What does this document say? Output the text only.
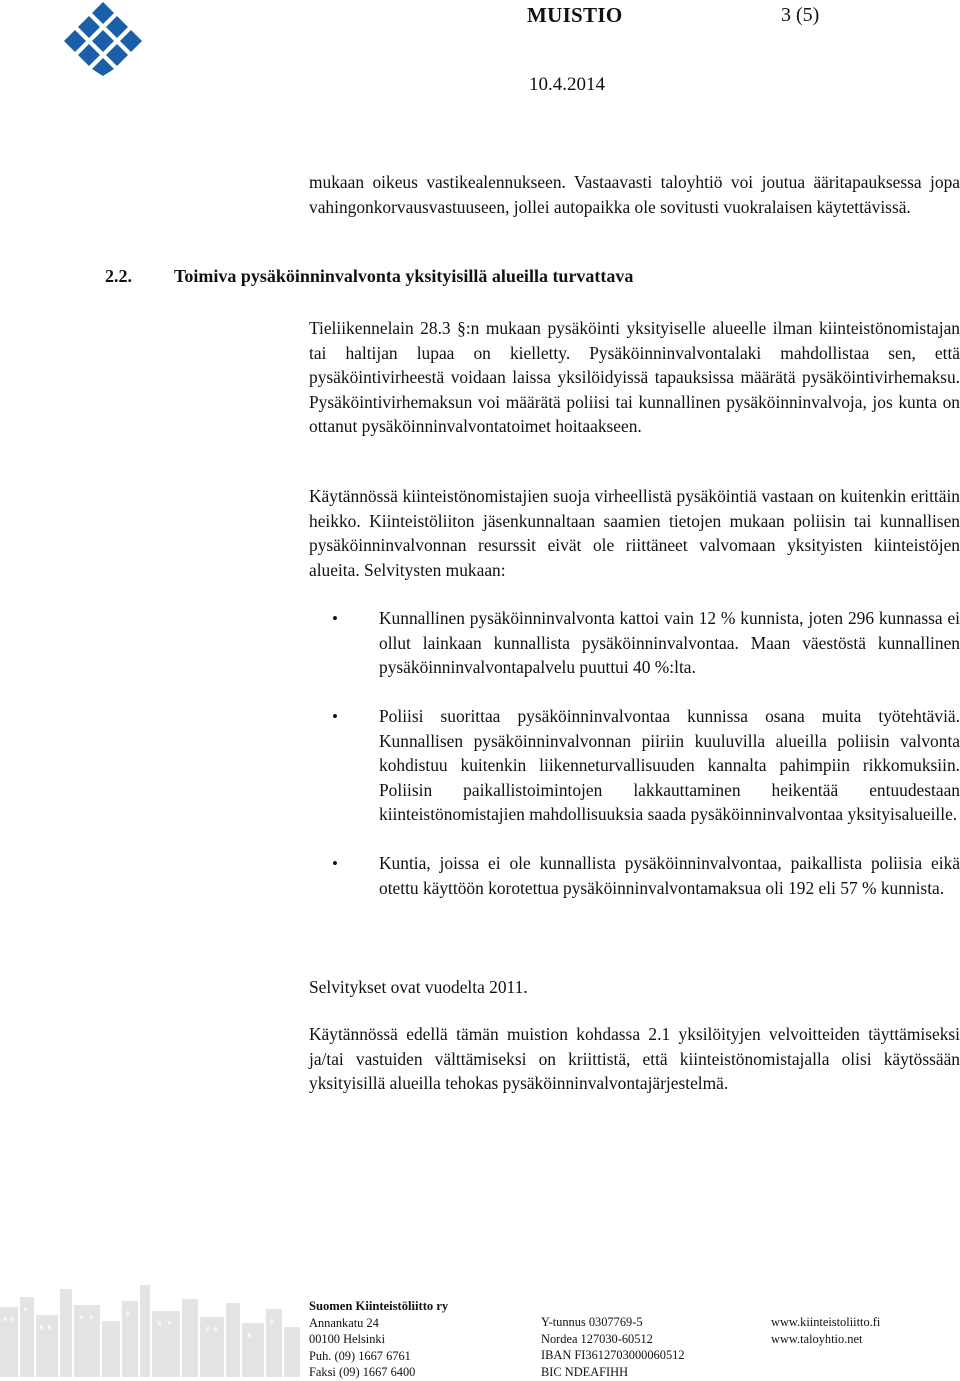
MUISTIO	3 (5)
10.4.2014

mukaan oikeus vastikealennukseen. Vastaavasti taloyhtiö voi joutua ääritapauksessa jopa vahingonkorvausvastuuseen, jollei autopaikka ole sovitusti vuokralaisen käytettävissä.

2.2. Toimiva pysäköinninvalvonta yksityisillä alueilla turvattava

Tieliikennelain 28.3 §:n mukaan pysäköinti yksityiselle alueelle ilman kiinteistönomistajan tai haltijan lupaa on kielletty. Pysäköinninvalvontalaki mahdollistaa sen, että pysäköintivirheestä voidaan laissa yksilöidyissä tapauksissa määrätä pysäköintivirhemaksu. Pysäköintivirhemaksun voi määrätä poliisi tai kunnallinen pysäköinninvalvoja, jos kunta on ottanut pysäköinninvalvontatoimet hoitaakseen.

Käytännössä kiinteistönomistajien suoja virheellistä pysäköintiä vastaan on kuitenkin erittäin heikko. Kiinteistöliiton jäsenkunnaltaan saamien tietojen mukaan poliisin tai kunnallisen pysäköinninvalvonnan resurssit eivät ole riittäneet valvomaan yksityisten kiinteistöjen alueita. Selvitysten mukaan:

• Kunnallinen pysäköinninvalvonta kattoi vain 12 % kunnista, joten 296 kunnassa ei ollut lainkaan kunnallista pysäköinninvalvontaa. Maan väestöstä kunnallinen pysäköinninvalvontapalvelu puuttui 40 %:lta.
• Poliisi suorittaa pysäköinninvalvontaa kunnissa osana muita työtehtäviä. Kunnallisen pysäköinninvalvonnan piiriin kuuluvilla alueilla poliisin valvonta kohdistuu kuitenkin liikenneturvallisuuden kannalta pahimpiin rikkomuksiin. Poliisin paikallistoimintojen lakkauttaminen heikentää entuudestaan kiinteistönomistajien mahdollisuuksia saada pysäköinninvalvontaa yksityisalueille.
• Kuntia, joissa ei ole kunnallista pysäköinninvalvontaa, paikallista poliisia eikä otettu käyttöön korotettua pysäköinninvalvontamaksua oli 192 eli 57 % kunnista.

Selvitykset ovat vuodelta 2011.

Käytännössä edellä tämän muistion kohdassa 2.1 yksilöityjen velvoitteiden täyttämiseksi ja/tai vastuiden välttämiseksi on kriittistä, että kiinteistönomistajalla olisi käytössään yksityisillä alueilla tehokas pysäköinninvalvontajärjestelmä.

Suomen Kiinteistöliitto ry
Annankatu 24
00100 Helsinki
Puh. (09) 1667 6761
Faksi (09) 1667 6400
Y-tunnus 0307769-5
Nordea 127030-60512
IBAN FI3612703000060512
BIC NDEAFIHH
www.kiinteistoliitto.fi
www.taloyhtio.net
